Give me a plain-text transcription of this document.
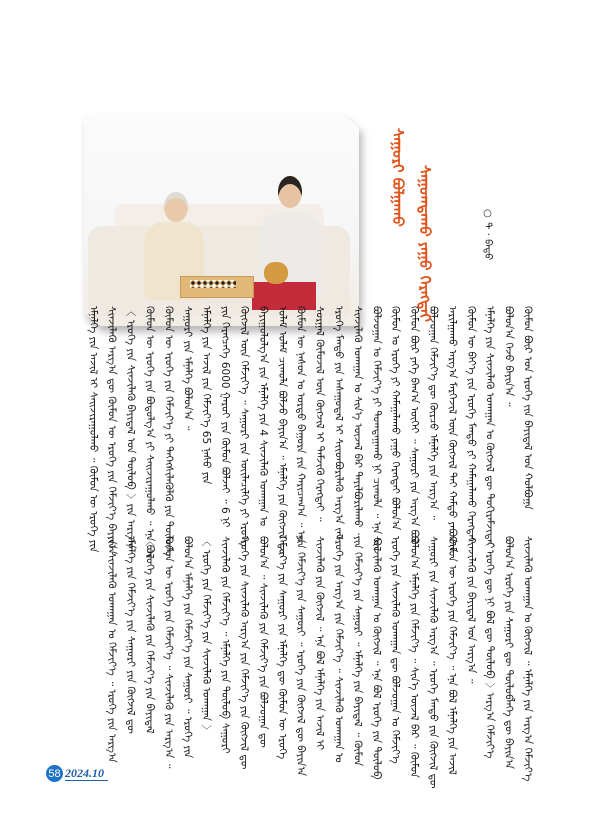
ᠰᠠᠭᠤᠷᠢ ᠪᠣᠯᠭᠠᠬᠤ ᠰᠠᠭᠤᠭᠳᠠᠬᠤ ᠶᠠᠭᠤ ᠬᠡᠷᠡᠭᠲᠡᠢ	○ ᠲ · ᠪᠠᠲᠤ
ᠬᠦᠮᠦᠨ ᠪᠦᠷ ᠤᠨ ᠡᠷᠦᠬᠡ ᠵᠢᠨ ᠪᠠᠶᠢᠳᠠᠯ ᠤᠨ ᠬᠣᠯᠪᠣᠭᠠ
ᠪᠣᠯᠤᠨ᠎ᠠ ᠭᠡᠵᠦ ᠪᠠᠶᠢᠨ᠎ᠠ ᠃
ᠡᠮᠨᠡᠯᠭᠡ ᠶᠢᠨ ᠰᠢᠨᠵᠢᠯᠡᠬᠦ ᠤᠬᠠᠭᠠᠨ ᠤ ᠬᠥᠭᠵᠢᠯ ᠳᠦ ᠲᠣᠬᠢᠷᠠᠮᠵᠢᠳᠠᠢ
ᠬᠦᠮᠦᠨ ᠦ ᠪᠡᠶ᠎ᠡ ᠶᠢᠨ ᠡᠷᠦᠬᠡ ᠮᠡᠨᠳᠦ ᠶᠢ ᠬᠠᠮᠠᠭᠠᠯᠠᠬᠤ ᠬᠡᠷᠡᠭᠲᠡᠢ ᠃
ᠠᠷᠢᠯᠭᠠᠬᠤ ᠠᠷᠭ᠎ᠠ ᠮᠡᠷᠭᠡᠵᠢᠯ ᠦᠨ ᠬᠥᠭᠵᠢᠯ ᠲᠡᠢ ᠬᠠᠮᠲᠤ ᠶᠠᠪᠤᠨ᠎ᠠ
ᠪᠣᠯᠵᠣᠭᠠᠨ ᠬᠡᠮᠵᠢᠶ᠎ᠡ ᠳᠦ ᠬᠦᠷᠴᠦ ᠡᠮᠨᠡᠯᠭᠡ ᠶᠢᠨ ᠠᠷᠭ᠎ᠠ ᠃
ᠬᠦᠮᠦᠨ ᠪᠦᠷ ᠶᠡᠬᠡ ᠪᠠᠭ᠎ᠠ ᠦᠭᠡᠢ ᠃ ᠰᠠᠭᠤᠷᠢ ᠶᠢᠨ ᠠᠷᠭ᠎ᠠ ᠪᠣᠯ
ᠬᠦᠮᠦᠨ ᠤ ᠡᠷᠦᠬᠡ ᠶᠢ ᠬᠠᠮᠠᠭᠠᠯᠠᠬᠤ ᠶᠠᠭᠤ ᠬᠡᠷᠡᠭᠲᠡᠢ ᠪᠣᠯᠤᠨ᠎ᠠ
ᠪᠣᠯᠵᠣᠭᠠᠨ ᠤ ᠬᠡᠮᠵᠢᠶ᠎ᠡ ᠶᠢ ᠲᠣᠭᠲᠠᠭᠠᠬᠤ ᠨᠢ ᠴᠢᠬᠤᠯᠠ ᠃ ᠡᠨᠡ ᠪᠣᠯ
ᠰᠢᠨᠵᠢᠯᠡᠬᠦ ᠤᠬᠠᠭᠠᠨ ᠤ ᠰᠢᠨ᠎ᠡ ᠦᠵᠡᠯ ᠪᠡᠷ ᠲᠠᠶᠢᠯᠪᠤᠷᠢᠯᠠᠬᠤ ᠃
ᠡᠷᠦᠬᠡ ᠮᠡᠨᠳᠦ ᠶᠢᠨ ᠠᠰᠠᠭᠤᠳᠠᠯ ᠢ ᠰᠢᠢᠳᠪᠦᠷᠢᠯᠡᠬᠦ ᠠᠷᠭ᠎ᠠ ᠵᠠᠮ
ᠰᠤᠷᠭᠠᠯ ᠬᠦᠮᠦᠵᠢᠯ ᠦᠨ ᠬᠥᠭᠵᠢᠯ ᠢ ᠳᠡᠮᠵᠢᠬᠦ ᠬᠡᠷᠡᠭᠲᠡᠢ ᠃
ᠬᠦᠮᠦᠨ ᠦ ᠨᠠᠰᠤᠨ ᠤ ᠤᠷᠲᠤ ᠪᠠᠭᠤᠷᠠ ᠶᠢᠨ ᠬᠠᠷᠢᠴᠠᠭ᠎ᠠ ᠃ ᠡᠨᠡ
ᠤᠯᠠᠮ ᠤᠯᠠᠮ ᠴᠢᠬᠤᠯᠠ ᠪᠣᠯᠵᠤ ᠪᠠᠶᠢᠨ᠎ᠠ ᠃ ᠡᠮᠨᠡᠯᠭᠡ ᠶᠢᠨ ᠬᠥᠭᠵᠢᠯ ᠳᠦ
ᠪᠠᠶᠢᠭᠤᠯᠤᠯᠭ᠎ᠠ ᠶᠢᠨ ᠡᠮᠨᠡᠯᠭᠡ ᠶᠢᠨ 4 ᠰᠢᠨᠵᠢᠯᠡᠬᠦ ᠤᠬᠠᠭᠠᠨ ᠤ
ᠬᠥᠭᠵᠢᠯ ᠦᠨ ᠬᠡᠮᠵᠢᠶ᠎ᠡ ᠃ ᠰᠠᠭᠤᠷᠢ ᠶᠢᠨ ᠦᠢᠯᠡᠴᠢᠯᠭᠡ ᠶᠢ ᠡᠷᠦᠬᠡ
ᠶᠢᠨ ᠬᠡᠷᠡᠭᠴᠡᠭᠡ 6000 ᠭᠠᠷᠤᠢ ᠶᠢᠨ ᠬᠦᠮᠦᠨ ᠪᠣᠯᠵᠠᠢ ᠃ 6 ᠨᠢ
ᠡᠮᠨᠡᠯᠭᠡ ᠶᠢᠨ ᠠᠵᠢᠯ ᠶᠢᠨ ᠬᠡᠮᠵᠢᠶ᠎ᠡ 65 ᠨᠠᠰᠤ ᠶᠢᠨ
ᠰᠠᠭᠤᠷᠢ ᠶᠢᠨ ᠡᠮᠨᠡᠯᠭᠡ ᠪᠣᠯᠤᠨ᠎ᠠ ᠃
ᠬᠦᠮᠦᠨ ᠦ ᠡᠷᠦᠬᠡ ᠶᠢᠨ ᠬᠡᠮᠵᠢᠶ᠎ᠡ ᠶᠢ ᠳᠡᠭᠡᠭᠰᠢᠯᠡᠭᠦᠯᠬᠦ ᠶᠢᠨ ᠲᠥᠯᠦᠭᠡ
ᠬᠦᠮᠦᠨ ᠦ ᠡᠷᠦᠬᠡ ᠶᠢᠨ ᠪᠣᠳᠤᠯᠭ᠎ᠠ ᠶᠢ ᠰᠠᠢᠵᠢᠷᠠᠭᠤᠯᠬᠤ ᠃ ᠡᠨᠡ ᠪᠣᠯ
〈 ᠡᠷᠦᠬᠡ ᠶᠢᠨ ᠰᠢᠨᠵᠢᠯᠡᠬᠦ ᠪᠠᠶᠢᠳᠠᠯ ᠤᠨ ᠲᠥᠯᠦᠪ 〉ᠶᠢᠨ ᠠᠷᠭ᠎ᠠ
ᠰᠢᠨᠵᠢᠯᠡᠬᠦ ᠠᠷᠭ᠎ᠠ ᠳᠦ ᠬᠦᠮᠦᠨ ᠦ ᠡᠷᠦᠬᠡ ᠶᠢᠨ ᠬᠡᠮᠵᠢᠶ᠎ᠡ ᠪᠠᠶᠢᠨ᠎ᠠ
ᠡᠮᠨᠡᠯᠭᠡ ᠶᠢᠨ ᠠᠵᠢᠯ ᠢ ᠰᠠᠢᠵᠢᠷᠠᠭᠤᠯᠬᠤ ᠃ ᠬᠦᠮᠦᠨ ᠦ ᠡᠷᠦᠬᠡ ᠶᠢᠨ
ᠰᠢᠨᠵᠢᠯᠡᠬᠦ ᠤᠬᠠᠭᠠᠨ ᠤ ᠬᠥᠭᠵᠢᠯ ᠃ ᠡᠮᠨᠡᠯᠭᠡ ᠶᠢᠨ ᠠᠷᠭ᠎ᠠ ᠬᠡᠮᠵᠢᠶ᠎ᠡ
ᠪᠣᠯᠤᠨ᠎ᠠ ᠡᠷᠦᠬᠡ ᠶᠢᠨ ᠰᠠᠭᠤᠷᠢ ᠳᠦ ᠲᠥᠯᠦᠪᠯᠡᠭᠡ ᠳᠦ ᠪᠠᠶᠢᠨ᠎ᠠ
〈 ᠡᠷᠦᠬᠡ ᠳᠦ ᠨᠢ ᠪᠣᠯ ᠳᠦ ᠲᠥᠯᠦᠪ 〉ᠠᠷᠭ᠎ᠠ ᠬᠡᠮᠵᠢᠶ᠎ᠡ
ᠰᠢᠨᠵᠢᠯᠡᠬᠦ ᠶᠢᠨ ᠪᠠᠶᠢᠳᠠᠯ ᠤᠨ ᠠᠷᠭ᠎ᠠ ᠃
ᠬᠦᠮᠦᠨ ᠦ ᠡᠷᠦᠬᠡ ᠶᠢᠨ ᠬᠡᠮᠵᠢᠶ᠎ᠡ ᠃ ᠡᠨᠡ ᠪᠣᠯ ᠡᠮᠨᠡᠯᠭᠡ ᠶᠢᠨ ᠠᠵᠢᠯ
ᠰᠠᠭᠤᠷᠢ ᠶᠢᠨ ᠰᠢᠨᠵᠢᠯᠡᠬᠦ ᠠᠷᠭ᠎ᠠ ᠃ ᠡᠷᠦᠬᠡ ᠮᠡᠨᠳᠦ ᠶᠢᠨ ᠬᠥᠭᠵᠢᠯ ᠳᠦ
ᠪᠣᠯᠤᠨ᠎ᠠ ᠡᠮᠨᠡᠯᠭᠡ ᠶᠢᠨ ᠬᠡᠮᠵᠢᠶ᠎ᠡ ᠃ ᠰᠢᠨ᠎ᠡ ᠦᠵᠡᠯ ᠪᠡᠷ ᠃ ᠬᠦᠮᠦᠨ
ᠡᠷᠦᠬᠡ ᠶᠢᠨ ᠰᠢᠨᠵᠢᠯᠡᠬᠦ ᠤᠬᠠᠭᠠᠨ ᠳᠦ ᠪᠣᠯᠵᠣᠭᠠᠨ ᠤ ᠬᠡᠮᠵᠢᠶ᠎ᠡ
ᠰᠢᠨᠵᠢᠯᠡᠬᠦ ᠤᠬᠠᠭᠠᠨ ᠤ ᠬᠥᠭᠵᠢᠯ ᠃ ᠡᠨᠡ ᠪᠣᠯ ᠡᠷᠦᠬᠡ ᠶᠢᠨ ᠲᠥᠯᠦᠪ
ᠶᠢᠨ ᠬᠡᠮᠵᠢᠶ᠎ᠡ ᠶᠢᠨ ᠰᠠᠭᠤᠷᠢ ᠃ ᠡᠮᠨᠡᠯᠭᠡ ᠶᠢᠨ ᠪᠠᠶᠢᠳᠠᠯ ᠃ ᠬᠦᠮᠦᠨ
ᠡᠷᠦᠬᠡ ᠶᠢᠨ ᠠᠷᠭ᠎ᠠ ᠶᠢᠨ ᠬᠡᠮᠵᠢᠶ᠎ᠡ ᠃ ᠰᠢᠨᠵᠢᠯᠡᠬᠦ ᠤᠬᠠᠭᠠᠨ ᠤ
ᠰᠢᠨᠵᠢᠯᠡᠬᠦ ᠶᠢᠨ ᠬᠥᠭᠵᠢᠯ ᠃ ᠡᠨᠡ ᠪᠣᠯ ᠡᠮᠨᠡᠯᠭᠡ ᠶᠢᠨ ᠠᠵᠢᠯ ᠢ
ᠶᠢᠨ ᠬᠡᠮᠵᠢᠶ᠎ᠡ ᠶᠢᠨ ᠰᠠᠭᠤᠷᠢ ᠃ ᠡᠷᠦᠬᠡ ᠶᠢᠨ ᠬᠥᠭᠵᠢᠯ ᠳᠦ ᠪᠠᠶᠢᠨ᠎ᠠ
ᠬᠡᠮᠵᠢᠶ᠎ᠡ ᠶᠢᠨ ᠰᠠᠭᠤᠷᠢ ᠶᠢᠨ ᠡᠮᠨᠡᠯᠭᠡ ᠳᠦ ᠬᠦᠮᠦᠨ ᠦ ᠡᠷᠦᠬᠡ
ᠪᠣᠯᠤᠨ᠎ᠠ ᠃ ᠰᠢᠨᠵᠢᠯᠡᠬᠦ ᠶᠢᠨ ᠬᠡᠮᠵᠢᠶ᠎ᠡ ᠶᠢᠨ ᠪᠣᠯᠵᠣᠭᠠᠨ ᠳᠦ
ᠡᠷᠦᠬᠡ ᠶᠢᠨ ᠰᠢᠨᠵᠢᠯᠡᠬᠦ ᠠᠷᠭ᠎ᠠ ᠶᠢᠨ ᠬᠡᠮᠵᠢᠶ᠎ᠡ ᠶᠢᠨ ᠬᠥᠭᠵᠢᠯ ᠳᠦ
ᠰᠢᠨᠵᠢᠯᠡᠬᠦ ᠶᠢᠨ ᠬᠡᠮᠵᠢᠶ᠎ᠡ ᠃ ᠡᠮᠨᠡᠯᠭᠡ ᠶᠢᠨ ᠲᠥᠯᠦᠪ ᠰᠠᠭᠤᠷᠢ
〈 ᠡᠷᠦᠬᠡ ᠶᠢᠨ ᠬᠡᠮᠵᠢᠶ᠎ᠡ ᠶᠢᠨ ᠰᠢᠨᠵᠢᠯᠡᠬᠦ ᠤᠬᠠᠭᠠᠨ 〉
ᠪᠣᠯᠤᠨ᠎ᠠ ᠡᠮᠨᠡᠯᠭᠡ ᠶᠢᠨ ᠬᠡᠮᠵᠢᠶ᠎ᠡ ᠶᠢᠨ ᠰᠠᠭᠤᠷᠢ ᠃ ᠡᠷᠦᠬᠡ ᠶᠢᠨ
ᠬᠦᠮᠦᠨ ᠦ ᠡᠷᠦᠬᠡ ᠶᠢᠨ ᠬᠡᠮᠵᠢᠶ᠎ᠡ ᠃ ᠰᠢᠨᠵᠢᠯᠡᠬᠦ ᠶᠢᠨ ᠠᠷᠭ᠎ᠠ ᠃
〈 ᠡᠷᠦᠬᠡ ᠶᠢᠨ ᠰᠢᠨᠵᠢᠯᠡᠬᠦ ᠶᠢᠨ ᠬᠡᠮᠵᠢᠶ᠎ᠡ ᠶᠢᠨ ᠪᠠᠶᠢᠳᠠᠯ
ᠡᠮᠨᠡᠯᠭᠡ ᠶᠢᠨ ᠬᠡᠮᠵᠢᠶ᠎ᠡ ᠶᠢᠨ ᠰᠠᠭᠤᠷᠢ ᠶᠢᠨ ᠬᠥᠭᠵᠢᠯ ᠳᠦ
ᠶᠢᠨ ᠰᠢᠨᠵᠢᠯᠡᠬᠦ ᠤᠬᠠᠭᠠᠨ ᠤ ᠬᠡᠮᠵᠢᠶ᠎ᠡ ᠃ ᠡᠷᠦᠬᠡ ᠶᠢᠨ ᠠᠷᠭ᠎ᠠ
58 2024.10
